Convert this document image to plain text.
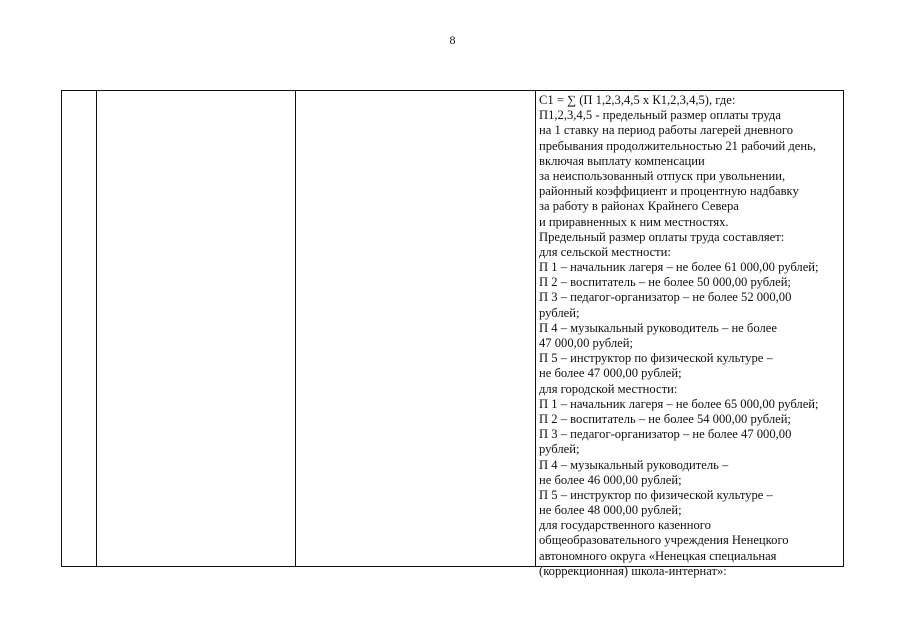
8
С1 = ∑ (П 1,2,3,4,5 х К1,2,3,4,5), где:
П1,2,3,4,5 - предельный размер оплаты труда
на 1 ставку на период работы лагерей дневного
пребывания продолжительностью 21 рабочий день,
включая выплату компенсации
за неиспользованный отпуск при увольнении,
районный коэффициент и процентную надбавку
за работу в районах Крайнего Севера
и приравненных к ним местностях.
Предельный размер оплаты труда составляет:
для сельской местности:
П 1 – начальник лагеря – не более 61 000,00 рублей;
П 2 – воспитатель – не более 50 000,00 рублей;
П 3 – педагог-организатор – не более 52 000,00
рублей;
П 4 – музыкальный руководитель – не более
47 000,00 рублей;
П 5 – инструктор по физической культуре –
не более 47 000,00 рублей;
для городской местности:
П 1 – начальник лагеря – не более 65 000,00 рублей;
П 2 – воспитатель – не более 54 000,00 рублей;
П 3 – педагог-организатор – не более 47 000,00
рублей;
П 4 – музыкальный руководитель –
не более 46 000,00 рублей;
П 5 – инструктор по физической культуре –
не более 48 000,00 рублей;
для государственного казенного
общеобразовательного учреждения Ненецкого
автономного округа «Ненецкая специальная
(коррекционная) школа-интернат»:
